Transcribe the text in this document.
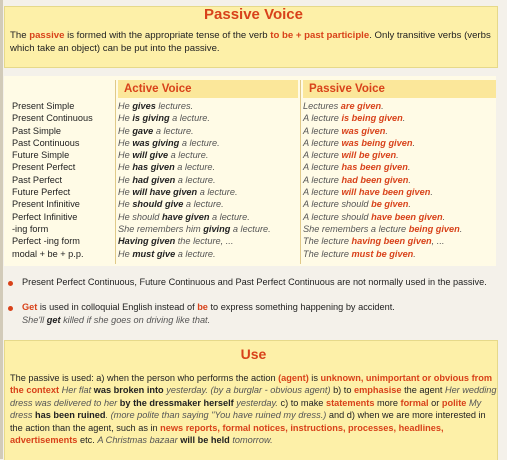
Passive Voice
The passive is formed with the appropriate tense of the verb to be + past participle. Only transitive verbs (verbs which take an object) can be put into the passive.
Active Voice	Passive Voice
Present Simple
Present Continuous
Past Simple
Past Continuous
Future Simple
Present Perfect
Past Perfect
Future Perfect
Present Infinitive
Perfect Infinitive
-ing form
Perfect -ing form
modal + be + p.p.
He gives lectures.
He is giving a lecture.
He gave a lecture.
He was giving a lecture.
He will give a lecture.
He has given a lecture.
He had given a lecture.
He will have given a lecture.
He should give a lecture.
He should have given a lecture.
She remembers him giving a lecture.
Having given the lecture, ...
He must give a lecture.
Lectures are given.
A lecture is being given.
A lecture was given.
A lecture was being given.
A lecture will be given.
A lecture has been given.
A lecture had been given.
A lecture will have been given.
A lecture should be given.
A lecture should have been given.
She remembers a lecture being given.
The lecture having been given, ...
The lecture must be given.
Present Perfect Continuous, Future Continuous and Past Perfect Continuous are not normally used in the passive.
Get is used in colloquial English instead of be to express something happening by accident.
She'll get killed if she goes on driving like that.
Use
The passive is used: a) when the person who performs the action (agent) is unknown, unimportant or obvious from the context Her flat was broken into yesterday. (by a burglar - obvious agent) b) to emphasise the agent Her wedding dress was delivered to her by the dressmaker herself yesterday. c) to make statements more formal or polite My dress has been ruined. (more polite than saying "You have ruined my dress.) and d) when we are more interested in the action than the agent, such as in news reports, formal notices, instructions, processes, headlines, advertisements etc. A Christmas bazaar will be held tomorrow.
